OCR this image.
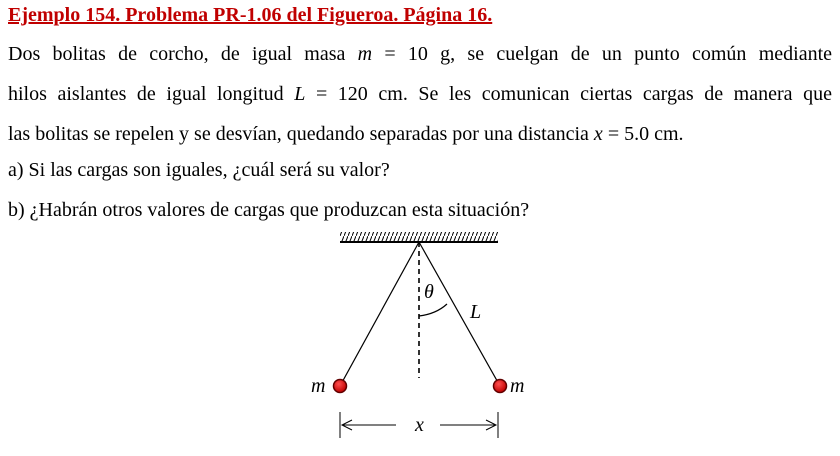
Ejemplo 154. Problema PR-1.06 del Figueroa. Página 16.
Dos bolitas de corcho, de igual masa m = 10 g, se cuelgan de un punto común mediante
hilos aislantes de igual longitud L = 120 cm. Se les comunican ciertas cargas de manera que
las bolitas se repelen y se desvían, quedando separadas por una distancia x = 5.0 cm.

a) Si las cargas son iguales, ¿cuál será su valor?

b) ¿Habrán otros valores de cargas que produzcan esta situación?

θ
L
m	m
x
